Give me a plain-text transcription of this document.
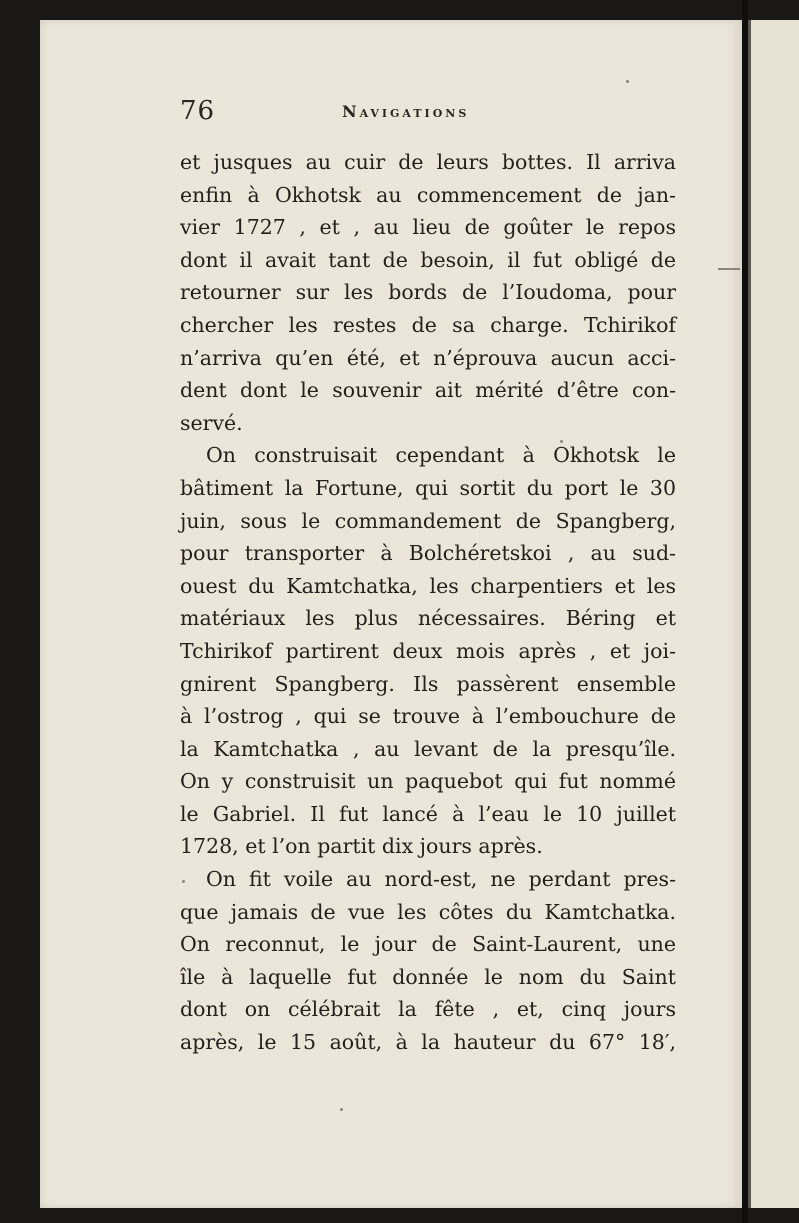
76	Navigations
et jusques au cuir de leurs bottes. Il arriva
enfin à Okhotsk au commencement de jan-
vier 1727 , et , au lieu de goûter le repos
dont il avait tant de besoin, il fut obligé de
retourner sur les bords de l’Ioudoma, pour
chercher les restes de sa charge. Tchirikof
n’arriva qu’en été, et n’éprouva aucun acci-
dent dont le souvenir ait mérité d’être con-
servé.
On construisait cependant à Okhotsk le
bâtiment la Fortune, qui sortit du port le 30
juin, sous le commandement de Spangberg,
pour transporter à Bolchéretskoi , au sud-
ouest du Kamtchatka, les charpentiers et les
matériaux les plus nécessaires. Béring et
Tchirikof partirent deux mois après , et joi-
gnirent Spangberg. Ils passèrent ensemble
à l’ostrog , qui se trouve à l’embouchure de
la Kamtchatka , au levant de la presqu’île.
On y construisit un paquebot qui fut nommé
le Gabriel. Il fut lancé à l’eau le 10 juillet
1728, et l’on partit dix jours après.
On fit voile au nord-est, ne perdant pres-
que jamais de vue les côtes du Kamtchatka.
On reconnut, le jour de Saint-Laurent, une
île à laquelle fut donnée le nom du Saint
dont on célébrait la fête , et, cinq jours
après, le 15 août, à la hauteur du 67° 18′,
